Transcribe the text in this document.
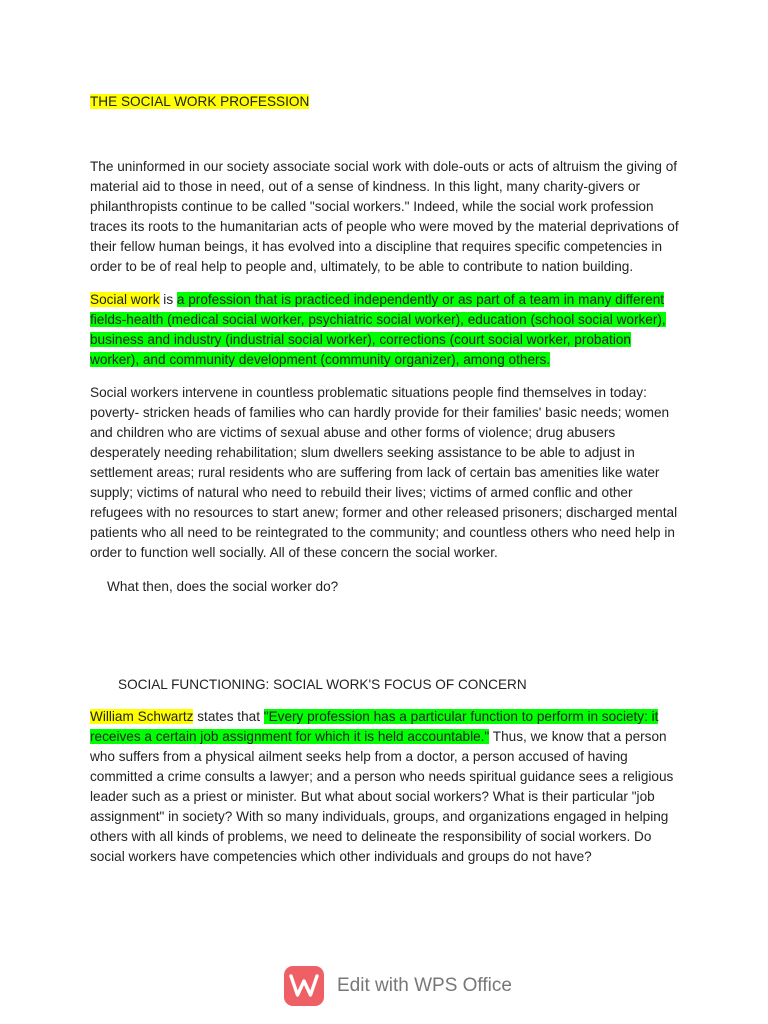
THE SOCIAL WORK PROFESSION

The uninformed in our society associate social work with dole-outs or acts of altruism the giving of material aid to those in need, out of a sense of kindness. In this light, many charity-givers or philanthropists continue to be called "social workers." Indeed, while the social work profession traces its roots to the humanitarian acts of people who were moved by the material deprivations of their fellow human beings, it has evolved into a discipline that requires specific competencies in order to be of real help to people and, ultimately, to be able to contribute to nation building.

Social work is a profession that is practiced independently or as part of a team in many different fields-health (medical social worker, psychiatric social worker), education (school social worker), business and industry (industrial social worker), corrections (court social worker, probation worker), and community development (community organizer), among others.

Social workers intervene in countless problematic situations people find themselves in today: poverty- stricken heads of families who can hardly provide for their families' basic needs; women and children who are victims of sexual abuse and other forms of violence; drug abusers desperately needing rehabilitation; slum dwellers seeking assistance to be able to adjust in settlement areas; rural residents who are suffering from lack of certain bas amenities like water supply; victims of natural who need to rebuild their lives; victims of armed conflic and other refugees with no resources to start anew; former and other released prisoners; discharged mental patients who all need to be reintegrated to the community; and countless others who need help in order to function well socially. All of these concern the social worker.

What then, does the social worker do?
SOCIAL FUNCTIONING: SOCIAL WORK'S FOCUS OF CONCERN

William Schwartz states that "Every profession has a particular function to perform in society: it receives a certain job assignment for which it is held accountable." Thus, we know that a person who suffers from a physical ailment seeks help from a doctor, a person accused of having committed a crime consults a lawyer; and a person who needs spiritual guidance sees a religious leader such as a priest or minister. But what about social workers? What is their particular "job assignment" in society? With so many individuals, groups, and organizations engaged in helping others with all kinds of problems, we need to delineate the responsibility of social workers. Do social workers have competencies which other individuals and groups do not have?

Edit with WPS Office
